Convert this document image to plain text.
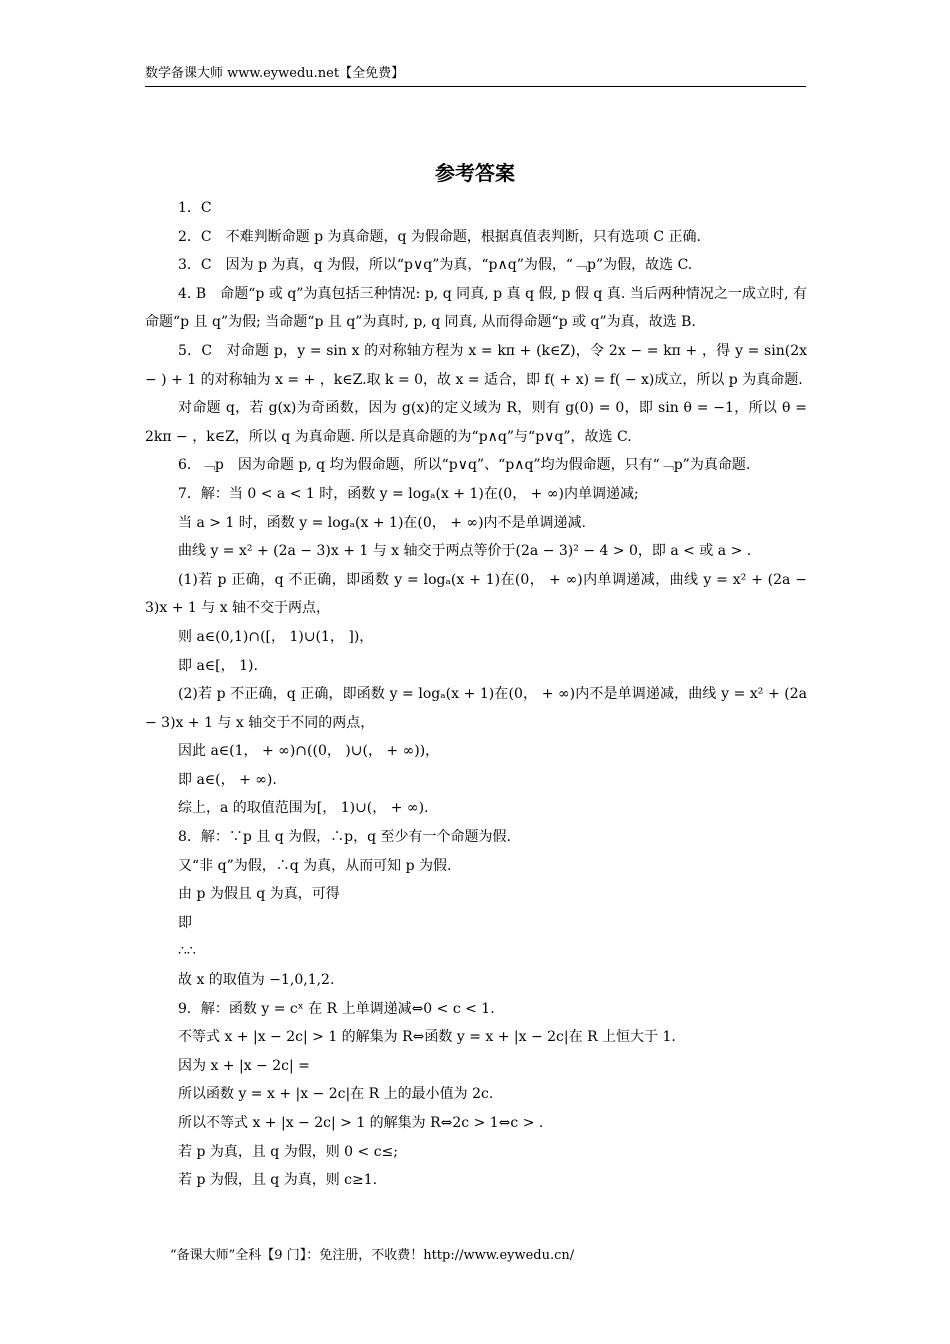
数学备课大师 www.eywedu.net【全免费】
参考答案

1．C

2．C　不难判断命题 p 为真命题，q 为假命题，根据真值表判断，只有选项 C 正确.

3．C　因为 p 为真，q 为假，所以“p∨q”为真，“p∧q”为假，“﹁p”为假，故选 C.

4. B　命题“p 或 q”为真包括三种情况: p, q 同真, p 真 q 假, p 假 q 真. 当后两种情况之一成立时, 有命题“p 且 q”为假; 当命题“p 且 q”为真时, p, q 同真, 从而得命题“p 或 q”为真，故选 B.

5．C　对命题 p，y = sin x 的对称轴方程为 x = kπ + (k∈Z)，令 2x − = kπ + ，得 y = sin(2x − ) + 1 的对称轴为 x = + ，k∈Z.取 k = 0，故 x = 适合，即 f( + x) = f( − x)成立，所以 p 为真命题.

对命题 q，若 g(x)为奇函数，因为 g(x)的定义域为 R，则有 g(0) = 0，即 sin θ = −1，所以 θ = 2kπ − ，k∈Z，所以 q 为真命题. 所以是真命题的为“p∧q”与“p∨q”，故选 C.

6．﹁p　因为命题 p, q 均为假命题，所以“p∨q”、“p∧q”均为假命题，只有“﹁p”为真命题.

7．解：当 0 < a < 1 时，函数 y = logₐ(x + 1)在(0， + ∞)内单调递减;

当 a > 1 时，函数 y = logₐ(x + 1)在(0， + ∞)内不是单调递减.

曲线 y = x² + (2a − 3)x + 1 与 x 轴交于两点等价于(2a − 3)² − 4 > 0，即 a < 或 a > .

(1)若 p 正确，q 不正确，即函数 y = logₐ(x + 1)在(0， + ∞)内单调递减，曲线 y = x² + (2a − 3)x + 1 与 x 轴不交于两点，

则 a∈(0,1)∩([， 1)∪(1， ])，

即 a∈[， 1).

(2)若 p 不正确，q 正确，即函数 y = logₐ(x + 1)在(0， + ∞)内不是单调递减，曲线 y = x² + (2a − 3)x + 1 与 x 轴交于不同的两点，

因此 a∈(1， + ∞)∩((0， )∪(， + ∞))，

即 a∈(， + ∞).

综上，a 的取值范围为[， 1)∪(， + ∞).

8．解：∵p 且 q 为假，∴p，q 至少有一个命题为假.

又“非 q”为假，∴q 为真，从而可知 p 为假.

由 p 为假且 q 为真，可得

即

∴∴

故 x 的取值为 −1,0,1,2.

9．解：函数 y = cˣ 在 R 上单调递减⇔0 < c < 1.

不等式 x + |x − 2c| > 1 的解集为 R⇔函数 y = x + |x − 2c|在 R 上恒大于 1.

因为 x + |x − 2c| =

所以函数 y = x + |x − 2c|在 R 上的最小值为 2c.

所以不等式 x + |x − 2c| > 1 的解集为 R⇔2c > 1⇔c > .

若 p 为真，且 q 为假，则 0 < c≤;

若 p 为假，且 q 为真，则 c≥1.

“备课大师”全科【9 门】：免注册，不收费！http://www.eywedu.cn/
